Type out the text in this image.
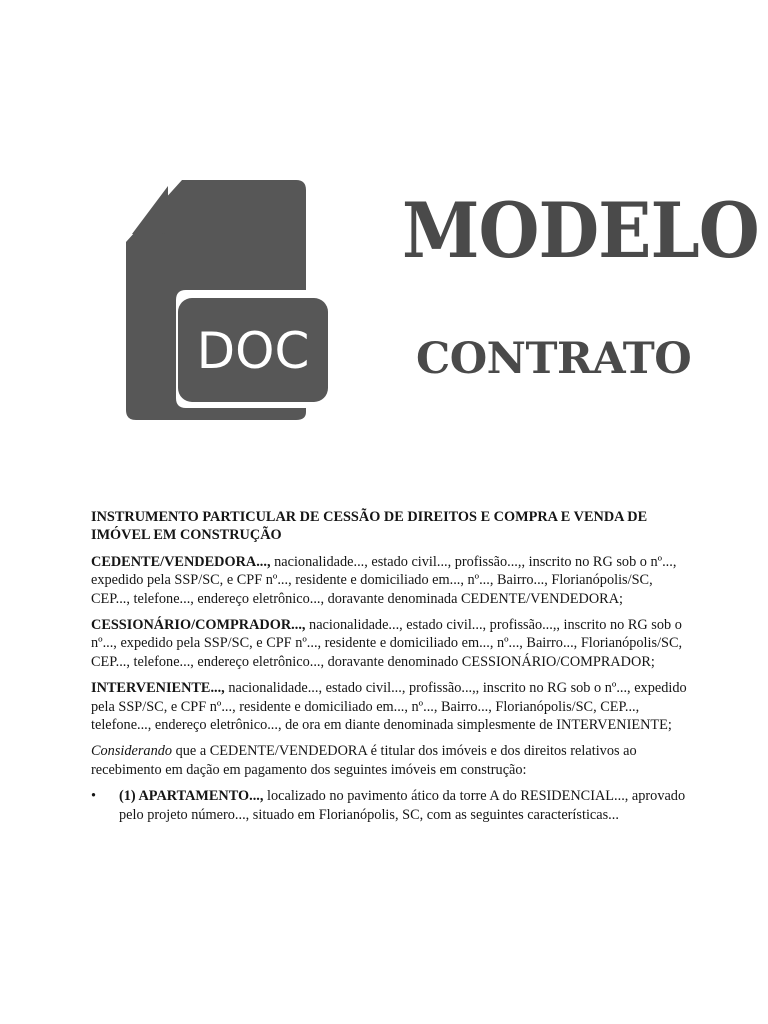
DOC
MODELO
CONTRATO

INSTRUMENTO PARTICULAR DE CESSÃO DE DIREITOS E COMPRA E VENDA DE IMÓVEL EM CONSTRUÇÃO

CEDENTE/VENDEDORA..., nacionalidade..., estado civil..., profissão...,, inscrito no RG sob o nº..., expedido pela SSP/SC, e CPF nº..., residente e domiciliado em..., nº..., Bairro..., Florianópolis/SC, CEP..., telefone..., endereço eletrônico..., doravante denominada CEDENTE/VENDEDORA;

CESSIONÁRIO/COMPRADOR..., nacionalidade..., estado civil..., profissão...,, inscrito no RG sob o nº..., expedido pela SSP/SC, e CPF nº..., residente e domiciliado em..., nº..., Bairro..., Florianópolis/SC, CEP..., telefone..., endereço eletrônico..., doravante denominado CESSIONÁRIO/COMPRADOR;

INTERVENIENTE..., nacionalidade..., estado civil..., profissão...,, inscrito no RG sob o nº..., expedido pela SSP/SC, e CPF nº..., residente e domiciliado em..., nº..., Bairro..., Florianópolis/SC, CEP..., telefone..., endereço eletrônico..., de ora em diante denominada simplesmente de INTERVENIENTE;

Considerando que a CEDENTE/VENDEDORA é titular dos imóveis e dos direitos relativos ao recebimento em dação em pagamento dos seguintes imóveis em construção:

• (1) APARTAMENTO..., localizado no pavimento ático da torre A do RESIDENCIAL..., aprovado pelo projeto número..., situado em Florianópolis, SC, com as seguintes características...
